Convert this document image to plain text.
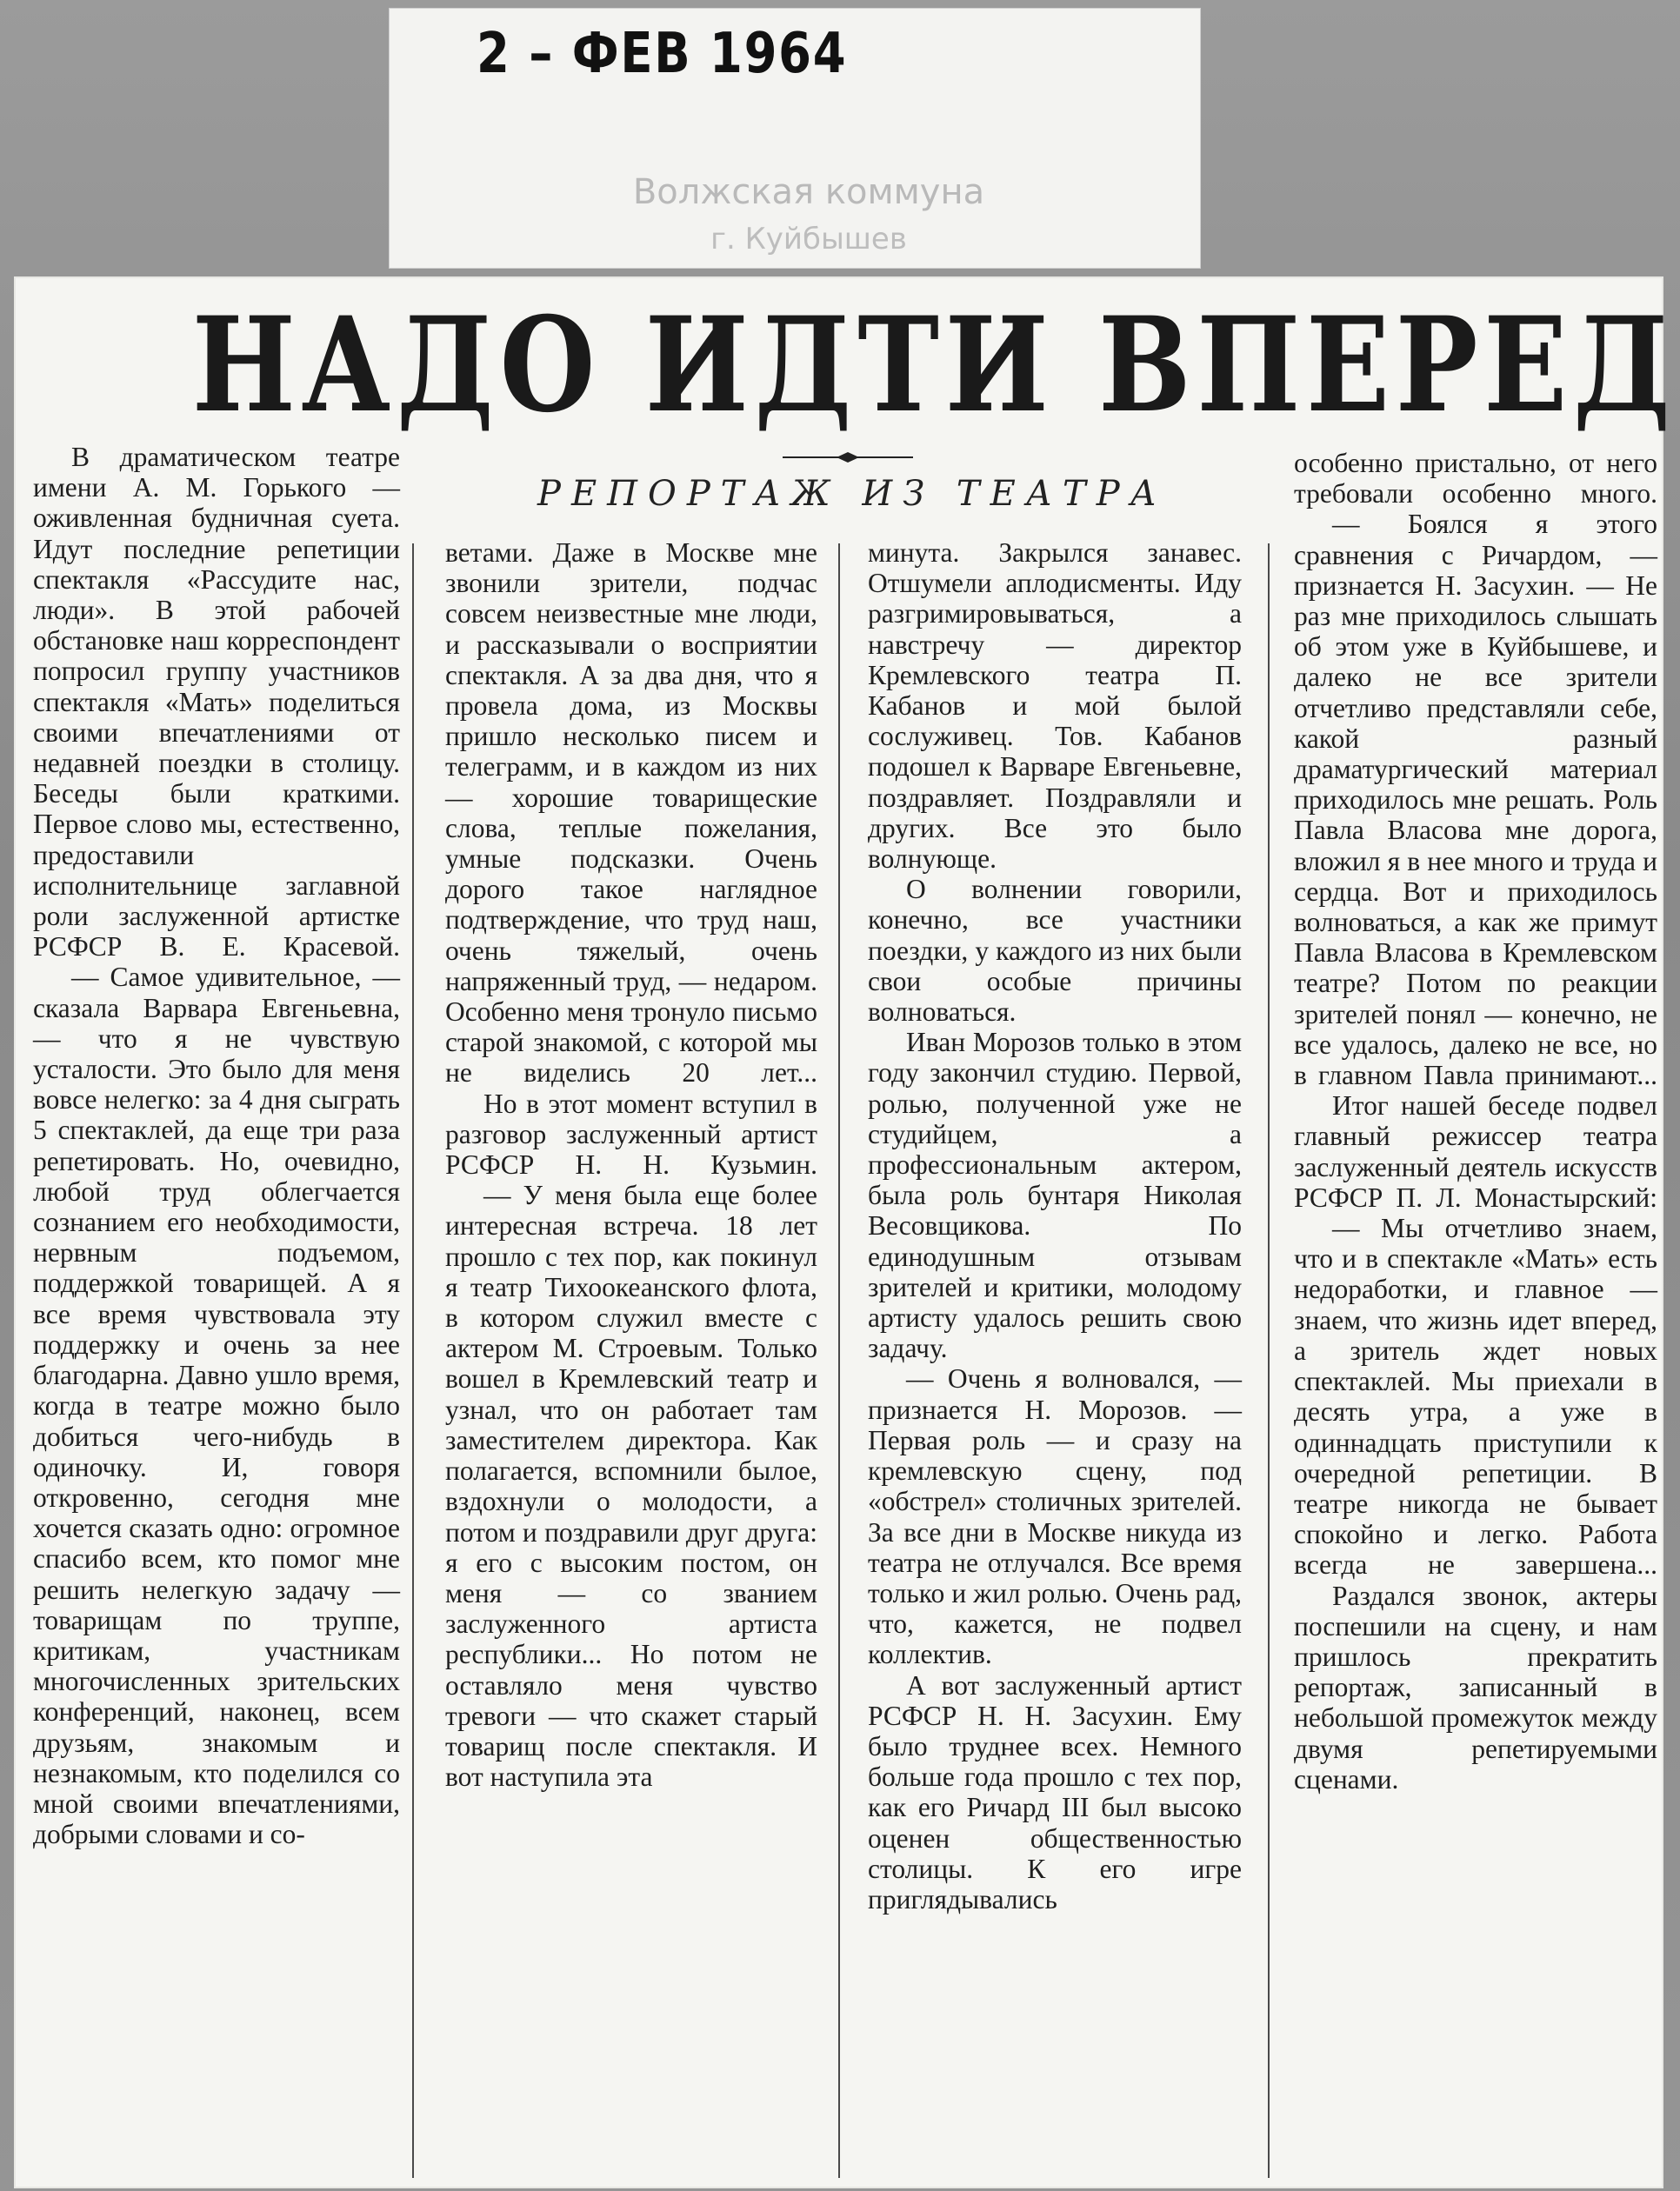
2 – ФЕВ 1964
Волжская коммуна
г. Куйбышев
НАДО ИДТИ ВПЕРЕД
РЕПОРТАЖ ИЗ ТЕАТРА

В драматическом театре имени А. М. Горького — оживленная будничная суета. Идут последние репетиции спектакля «Рассудите нас, люди». В этой рабочей обстановке наш корреспондент попросил группу участников спектакля «Мать» поделиться своими впечатлениями от недавней поездки в столицу. Беседы были краткими. Первое слово мы, естественно, предоставили исполнительнице заглавной роли заслуженной артистке РСФСР В. Е. Красевой.

— Самое удивительное, — сказала Варвара Евгеньевна, — что я не чувствую усталости. Это было для меня вовсе нелегко: за 4 дня сыграть 5 спектаклей, да еще три раза репетировать. Но, очевидно, любой труд облегчается сознанием его необходимости, нервным подъемом, поддержкой товарищей. А я все время чувствовала эту поддержку и очень за нее благодарна. Давно ушло время, когда в театре можно было добиться чего-нибудь в одиночку. И, говоря откровенно, сегодня мне хочется сказать одно: огромное спасибо всем, кто помог мне решить нелегкую задачу — товарищам по труппе, критикам, участникам многочисленных зрительских конференций, наконец, всем друзьям, знакомым и незнакомым, кто поделился со мной своими впечатлениями, добрыми словами и со-

ветами. Даже в Москве мне звонили зрители, подчас совсем неизвестные мне люди, и рассказывали о восприятии спектакля. А за два дня, что я провела дома, из Москвы пришло несколько писем и телеграмм, и в каждом из них — хорошие товарищеские слова, теплые пожелания, умные подсказки. Очень дорого такое наглядное подтверждение, что труд наш, очень тяжелый, очень напряженный труд, — недаром. Особенно меня тронуло письмо старой знакомой, с которой мы не виделись 20 лет...

Но в этот момент вступил в разговор заслуженный артист РСФСР Н. Н. Кузьмин.

— У меня была еще более интересная встреча. 18 лет прошло с тех пор, как покинул я театр Тихоокеанского флота, в котором служил вместе с актером М. Строевым. Только вошел в Кремлевский театр и узнал, что он работает там заместителем директора. Как полагается, вспомнили былое, вздохнули о молодости, а потом и поздравили друг друга: я его с высоким постом, он меня — со званием заслуженного артиста республики... Но потом не оставляло меня чувство тревоги — что скажет старый товарищ после спектакля. И вот наступила эта

минута. Закрылся занавес. Отшумели аплодисменты. Иду разгримировываться, а навстречу — директор Кремлевского театра П. Кабанов и мой былой сослуживец. Тов. Кабанов подошел к Варваре Евгеньевне, поздравляет. Поздравляли и других. Все это было волнующе.

О волнении говорили, конечно, все участники поездки, у каждого из них были свои особые причины волноваться.

Иван Морозов только в этом году закончил студию. Первой, ролью, полученной уже не студийцем, а профессиональным актером, была роль бунтаря Николая Весовщикова. По единодушным отзывам зрителей и критики, молодому артисту удалось решить свою задачу.

— Очень я волновался, — признается Н. Морозов. — Первая роль — и сразу на кремлевскую сцену, под «обстрел» столичных зрителей. За все дни в Москве никуда из театра не отлучался. Все время только и жил ролью. Очень рад, что, кажется, не подвел коллектив.

А вот заслуженный артист РСФСР Н. Н. Засухин. Ему было труднее всех. Немного больше года прошло с тех пор, как его Ричард III был высоко оценен общественностью столицы. К его игре приглядывались

особенно пристально, от него требовали особенно много.

— Боялся я этого сравнения с Ричардом, — признается Н. Засухин. — Не раз мне приходилось слышать об этом уже в Куйбышеве, и далеко не все зрители отчетливо представляли себе, какой разный драматургический материал приходилось мне решать. Роль Павла Власова мне дорога, вложил я в нее много и труда и сердца. Вот и приходилось волноваться, а как же примут Павла Власова в Кремлевском театре? Потом по реакции зрителей понял — конечно, не все удалось, далеко не все, но в главном Павла принимают...

Итог нашей беседе подвел главный режиссер театра заслуженный деятель искусств РСФСР П. Л. Монастырский:

— Мы отчетливо знаем, что и в спектакле «Мать» есть недоработки, и главное — знаем, что жизнь идет вперед, а зритель ждет новых спектаклей. Мы приехали в десять утра, а уже в одиннадцать приступили к очередной репетиции. В театре никогда не бывает спокойно и легко. Работа всегда не завершена...

Раздался звонок, актеры поспешили на сцену, и нам пришлось прекратить репортаж, записанный в небольшой промежуток между двумя репетируемыми сценами.
